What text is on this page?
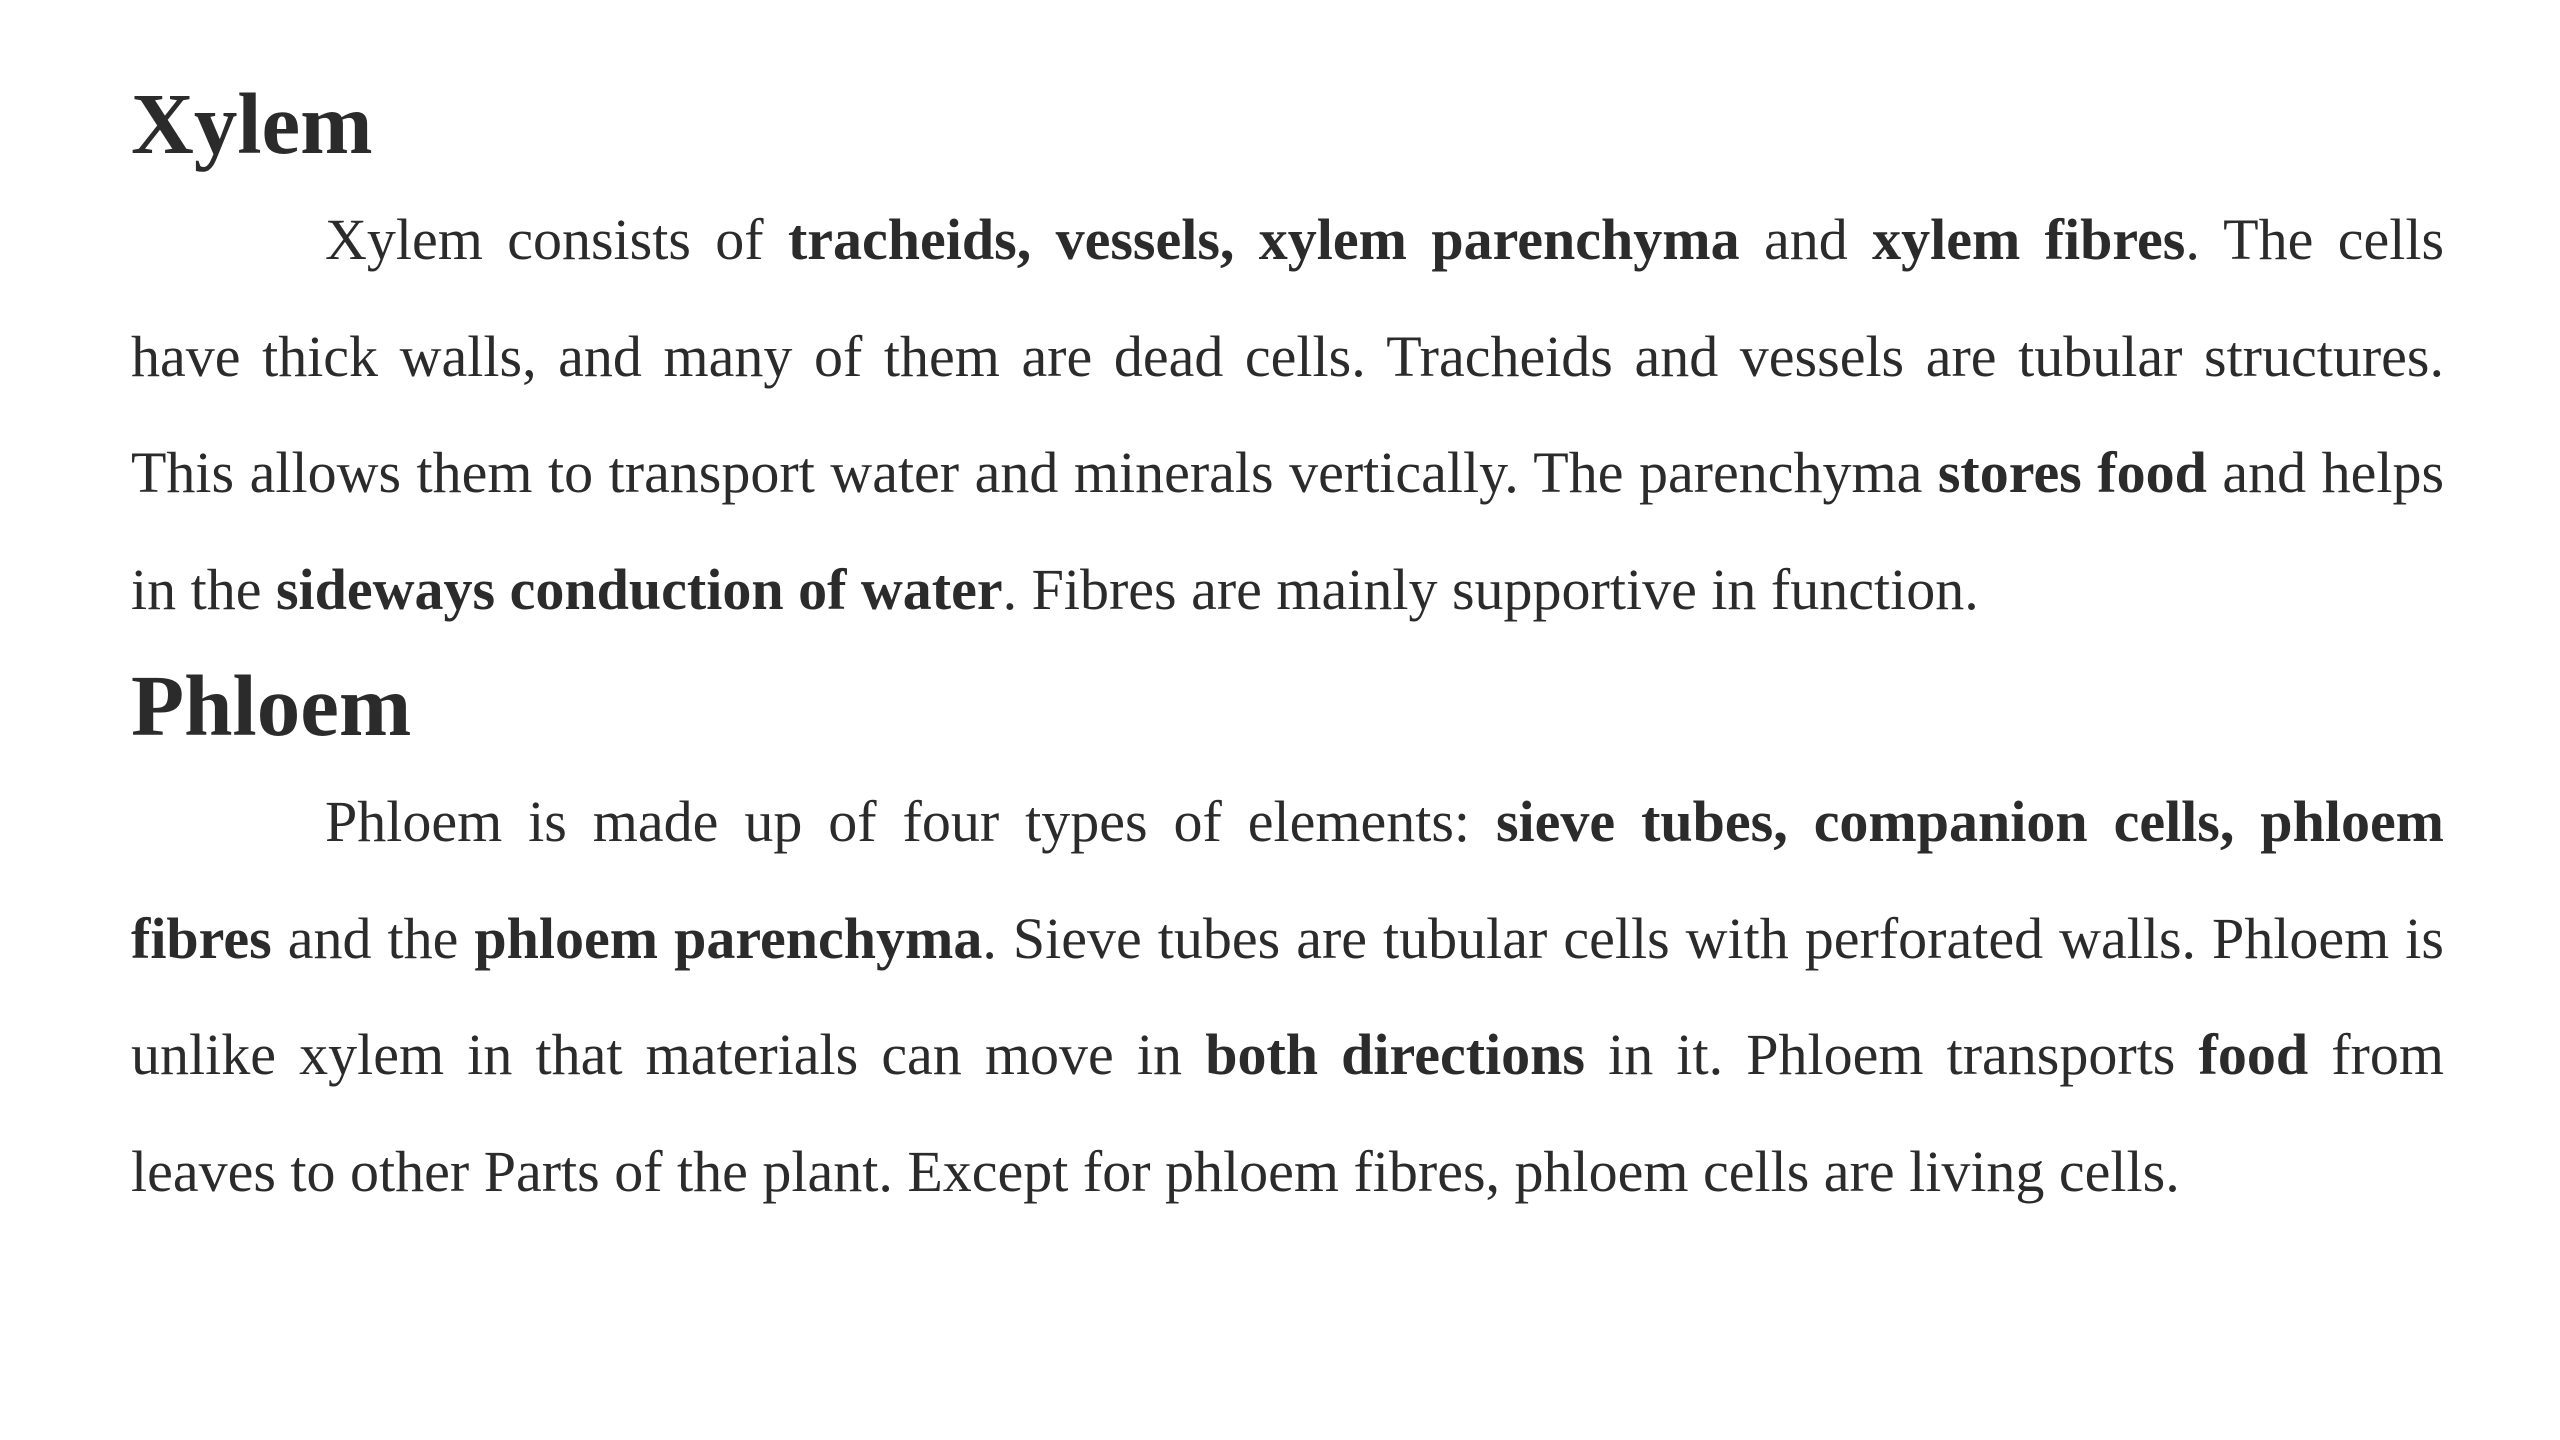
Xylem

Xylem consists of tracheids, vessels, xylem parenchyma and xylem fibres. The cells have thick walls, and many of them are dead cells. Tracheids and vessels are tubular structures. This allows them to transport water and minerals vertically. The parenchyma stores food and helps in the sideways conduction of water. Fibres are mainly supportive in function.

Phloem

Phloem is made up of four types of elements: sieve tubes, companion cells, phloem fibres and the phloem parenchyma. Sieve tubes are tubular cells with perforated walls. Phloem is unlike xylem in that materials can move in both directions in it. Phloem transports food from leaves to other Parts of the plant. Except for phloem fibres, phloem cells are living cells.
